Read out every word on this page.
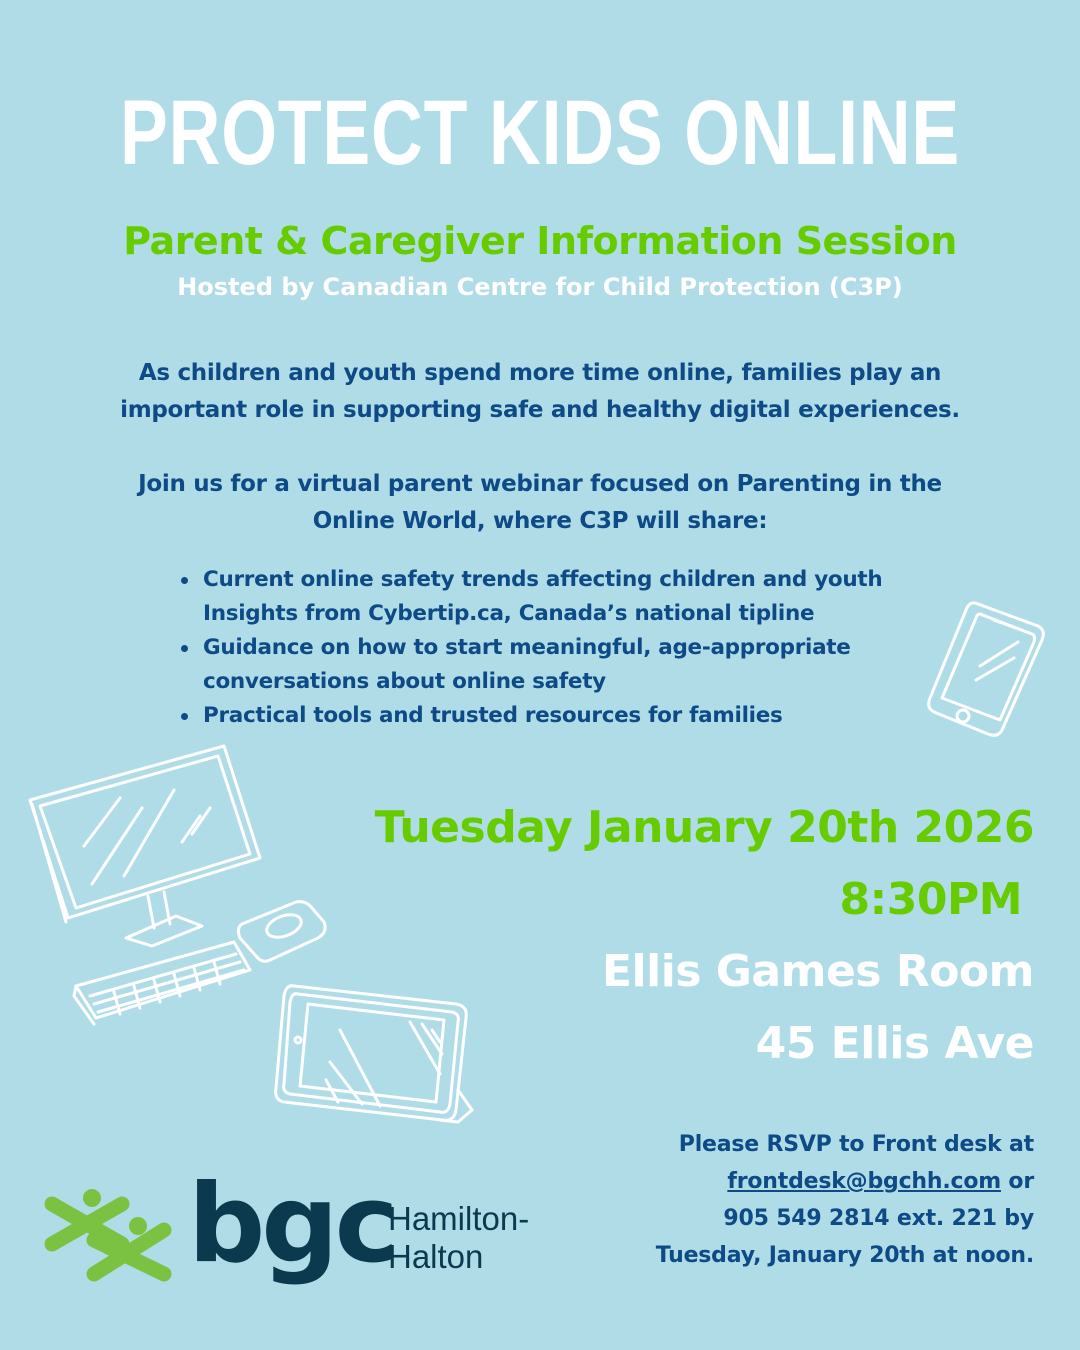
PROTECT KIDS ONLINE
Parent & Caregiver Information Session
Hosted by Canadian Centre for Child Protection (C3P)
As children and youth spend more time online, families play an
important role in supporting safe and healthy digital experiences.
Join us for a virtual parent webinar focused on Parenting in the
Online World, where C3P will share:
Current online safety trends affecting children and youth
Insights from Cybertip.ca, Canada’s national tipline
Guidance on how to start meaningful, age-appropriate
conversations about online safety
Practical tools and trusted resources for families
Tuesday January 20th 2026
8:30PM
Ellis Games Room
45 Ellis Ave
Please RSVP to Front desk at
frontdesk@bgchh.com or
905 549 2814 ext. 221 by
Tuesday, January 20th at noon.
bgc
Hamilton-
Halton
